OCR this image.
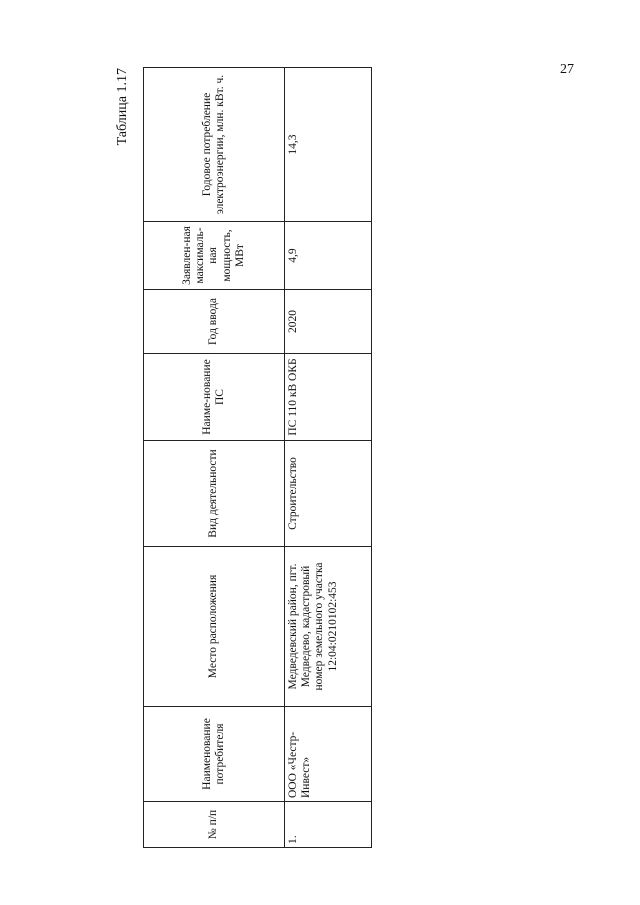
27
Таблица 1.17
№ п/п	Наименование потребителя	Место расположения	Вид деятельности	Наиме-нование ПС	Год ввода	Заявлен-ная максималь-ная мощность, МВт	Годовое потребление электроэнергии, млн. кВт. ч.
1.	ООО «Честр-Инвест»	Медведевский район, пгт. Медведево, кадастровый номер земельного участка 12:04:0210102:453	Строительство	ПС 110 кВ ОКБ	2020	4,9	14,3
